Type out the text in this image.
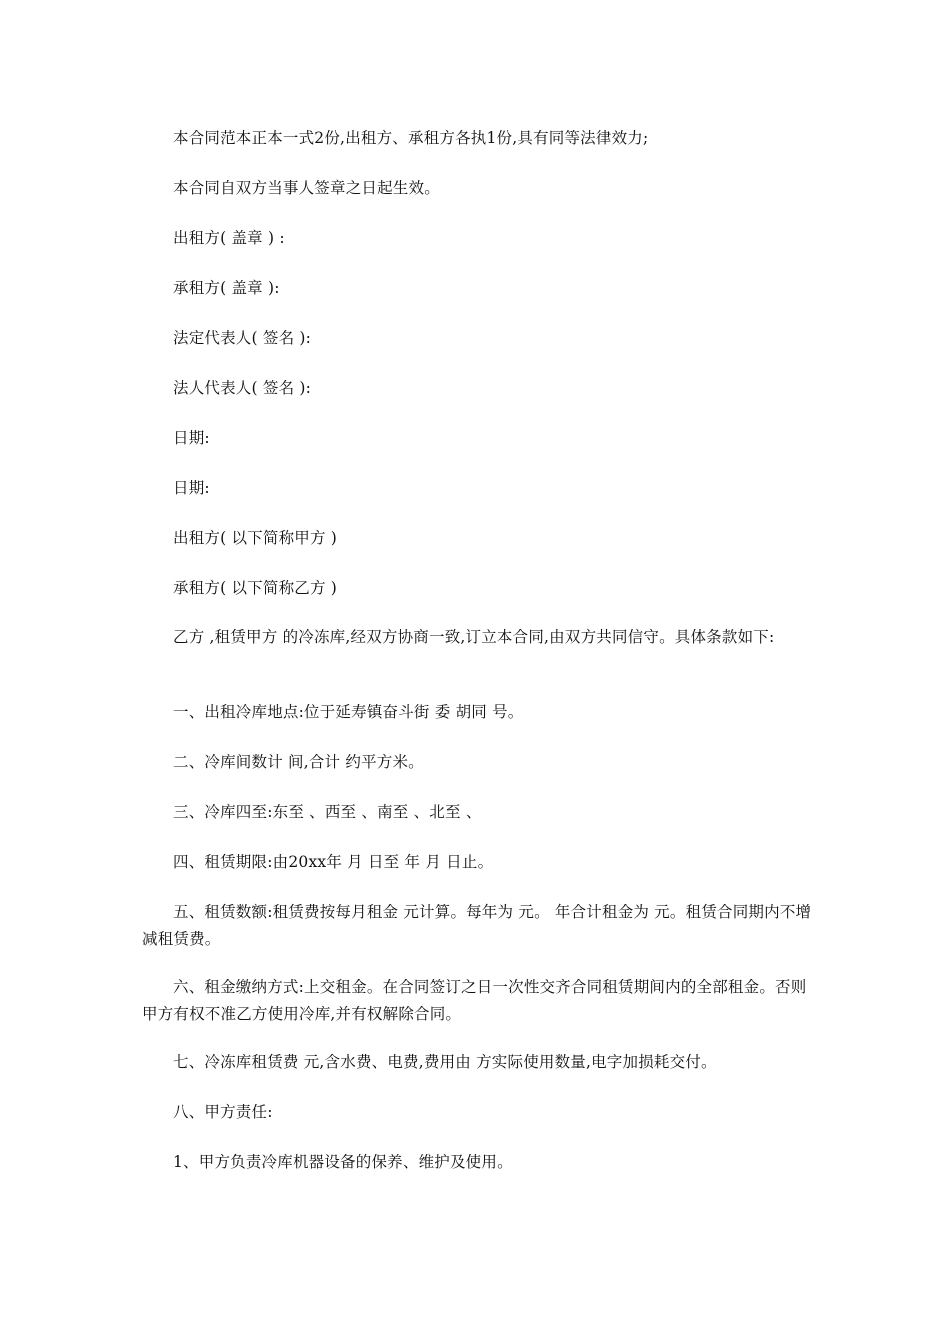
本合同范本正本一式2份,出租方、承租方各执1份,具有同等法律效力;

本合同自双方当事人签章之日起生效。

出租方( 盖章 ) :

承租方( 盖章 ):

法定代表人( 签名 ):

法人代表人( 签名 ):

日期:

日期:

出租方( 以下简称甲方 )

承租方( 以下简称乙方 )

乙方 ,租赁甲方 的冷冻库,经双方协商一致,订立本合同,由双方共同信守。具体条款如下:

一、出租冷库地点:位于延寿镇奋斗街 委 胡同 号。

二、冷库间数计 间,合计 约平方米。

三、冷库四至:东至 、西至 、南至 、北至 、

四、租赁期限:由20xx年 月 日至 年 月 日止。

五、租赁数额:租赁费按每月租金 元计算。每年为 元。 年合计租金为 元。租赁合同期内不增减租赁费。

六、租金缴纳方式:上交租金。在合同签订之日一次性交齐合同租赁期间内的全部租金。否则甲方有权不准乙方使用冷库,并有权解除合同。

七、冷冻库租赁费 元,含水费、电费,费用由 方实际使用数量,电字加损耗交付。

八、甲方责任:

1、甲方负责冷库机器设备的保养、维护及使用。
